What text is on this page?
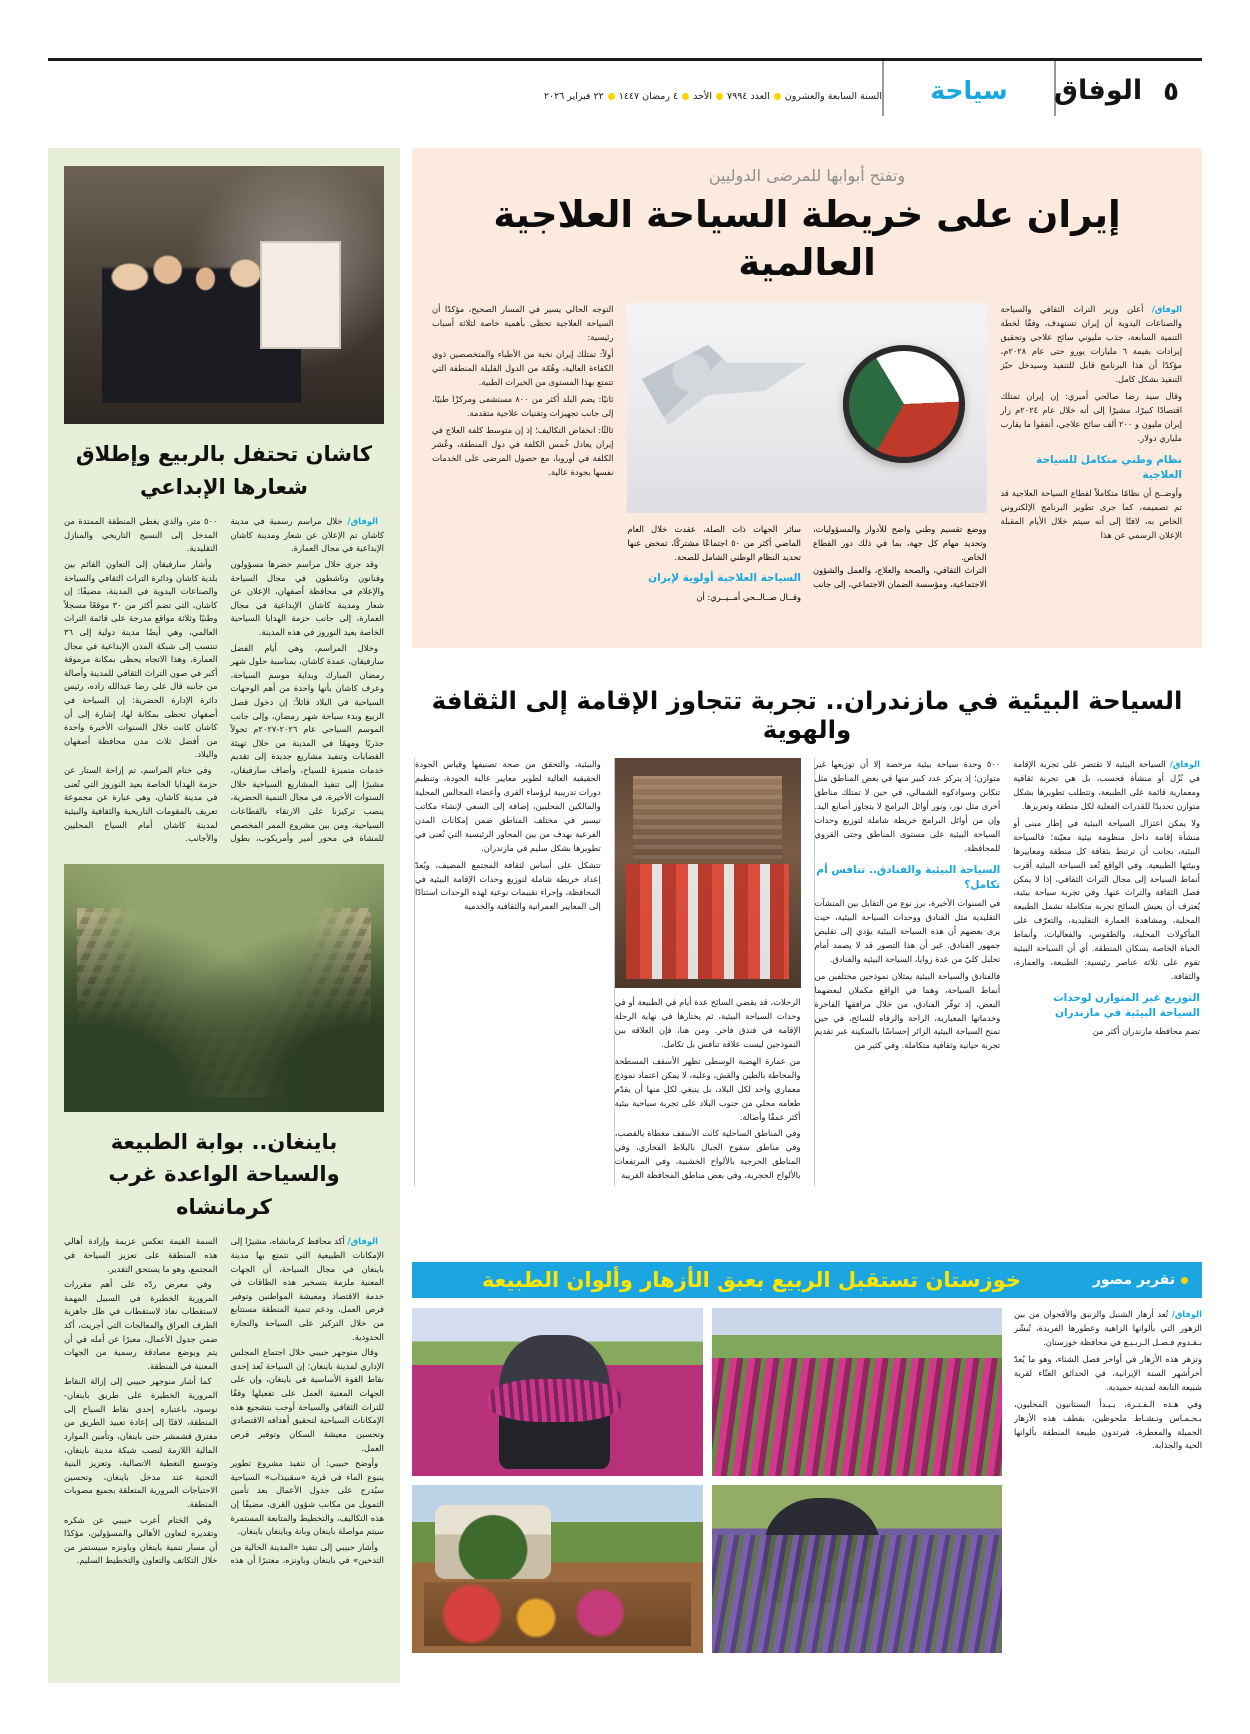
٥
الوفاق
سياحة
السنة السابعة والعشرون
العدد ٧٩٩٤
الأحد
٤ رمضان ١٤٤٧
٢٢ فبراير ٢٠٢٦
كاشان تحتفل بالربيع وإطلاق شعارها الإبداعي

الوفاق/ خلال مراسم رسمية في مدينة كاشان تم الإعلان عن شعار ومدينة كاشان الإبداعية في مجال العمارة.

وقد جرى خلال مراسم حضرها مسؤولون وفنانون وناشطون في مجال السياحة والإعلام في محافظة أصفهان، الإعلان عن شعار ومدينة كاشان الإبداعية في مجال العمارة، إلى جانب حزمة الهدايا السياحية الخاصة بعيد النوروز في هذه المدينة.

وخلال المراسم، وهي أيام الفضل سارفيقان، عمدة كاشان، بمناسبة حلول شهر رمضان المبارك وبداية موسم السياحة، وعرف كاشان بأنها واحدة من أهم الوجهات السياحية في البلاد قائلاً: إن دخول فصل الربيع وبدء سياحة شهر رمضان، وإلى جانب الموسم السياحي عام ٢٠٢٦-٢٠٢٧م تحولاً جذريًا ومهمًا في المدينة من خلال تهيئة القضايات وتنفيذ مشاريع جديدة إلى تقديم خدمات متميزة للسياح، وأضاف سارفيقان، مشيرًا إلى تنفيذ المشاريع السياحية خلال السنوات الأخيرة، في مجال التنمية الحضرية، ينصب تركيزنا على الارتقاء بالقطاعات السياحية، ومن بين مشروع الممر المخصص للمشاة في محور أمير وأمريكوب، بطول ٥٠٠ متر، والذي يغطي المنطقة الممتدة من المدخل إلى النسيج التاريخي والمنازل التقليدية.

وأشار سارفيقان إلى التعاون القائم بين بلدية كاشان ودائرة التراث الثقافي والسياحة والصناعات اليدوية في المدينة، مضيفًا: إن كاشان، التي تضم أكثر من ٣٠ موقعًا مسجلاً وطنيًا وثلاثة مواقع مدرجة على قائمة التراث العالمي، وهي أيضًا مدينة دولية إلى ٣٦ تنتسب إلى شبكة المدن الإبداعية في مجال العمارة. وهذا الاتجاه يحظى بمكانة مرموقة أكبر في صون التراث الثقافي للمدينة وأصالة من جانبه قال على رضا عبدالله زاده، رئيس دائرة الإدارة الحضرية: إن السياحة في أصفهان تحظى بمكانة لها، إشارة إلى أن كاشان كانت خلال السنوات الأخيرة واحدة من أفضل ثلاث مدن محافظة أصفهان والبلاد.

وفي ختام المراسم، تم إزاحة الستار عن حزمة الهدايا الخاصة بعيد النوروز التي تُعنى في مدينة كاشان، وهي عبارة عن مجموعة تعريف بالمقومات التاريخية والثقافية والبيئية لمدينة كاشان أمام السياح المحليين والأجانب.

باينغان.. بوابة الطبيعة والسياحة الواعدة غرب كرمانشاه

الوفاق/ أكد محافظ كرمانشاه، مشيرًا إلى الإمكانات الطبيعية التي تتمتع بها مدينة باينغان في مجال السياحة، أن الجهات المعنية ملزمة بتسخير هذه الطاقات في خدمة الاقتصاد ومعيشة المواطنين وتوفير فرص العمل، ودعم تنمية المنطقة مستتابع من خلال التركيز على السياحة والتجارة الحدودية.

وقال منوجهر حبيبي خلال اجتماع المجلس الإداري لمدينة باينغان: إن السياحة تُعد إحدى نقاط القوة الأساسية في باينغان، وإن على الجهات المعنية العمل على تفعيلها وفقًا للتراث الثقافي والسياحة أوجب بتشجيع هذه الإمكانات السياحية لتحقيق أهدافه الاقتصادي وتحسين معيشة السكان وتوفير فرص العمل.

وأوضح حبيبي: أن تنفيذ مشروع تطوير ينبوع الماء في قرية «سقبيذاب» السياحية سيُدرج على جدول الأعمال بعد تأمين التمويل من مكانب شؤون القرى، مضيفًا إن هذه التكاليف، والتخطيط والمتابعة المستمرة سيتم مواصلة باينغان وبانة وباينغان باينغان.

وأشار حبيبي إلى تنفيذ «المدينة الخالية من التدخين» في باينغان وباونزه، معتبرًا أن هذه السمة القيمة تعكس عزيمة وإرادة أهالي هذه المنطقة على تعزيز السياحة في المجتمع، وهو ما يستحق التقدير.

وفي معرض ردّه على أهم مقررات المرورية الخطيرة في السبيل المهمة لاستقطاب نفاذ لاستقطاب في ظل جاهزية الطرف العراق والمعالجات التي أجريت، أكد ضمن جدول الأعمال، معبرًا عن أمله في أن يتم وبوضع مصادقة رسمية من الجهات المعنية في المنطقة.

كما أشار منوجهر حبيبي إلى إزالة النقاط المرورية الخطيرة على طريق باينغان-نوسود، باعتباره إحدى نقاط السياح إلى المنطقة، لافتًا إلى إعادة تعبيد الطريق من مفترق قشمشر حتى باينغان، وتأمين الموارد المالية اللازمة لنصب شبكة مدينة باينغان، وتوسيع التغطية الاتصالية، وتعزيز البنية التحتية عند مدخل باينغان، وتحسين الاحتياجات المرورية المتعلقة بجميع مصوبات المنطقة.

وفي الختام أعرب حبيبي عن شكره وتقديره لتعاون الأهالي والمسؤولين، مؤكدًا أن مسار تنمية باينغان وباونزه سيستمر من خلال التكاتف والتعاون والتخطيط السليم.

وتفتح أبوابها للمرضى الدوليين
إيران على خريطة السياحة العلاجية العالمية

الوفاق/ أعلن وزير التراث الثقافي والسياحة والصناعات اليدوية أن إيران تستهدف، وفقًا لخطة التنمية السابعة، جذب مليوني سائح علاجي وتحقيق إيرادات بقيمة ٦ مليارات يورو حتى عام ٢٠٢٨م، مؤكدًا أن هذا البرنامج قابل للتنفيذ وسيدخل حيّز التنفيذ بشكل كامل.

وقال سيد رضا صالحي أميري: إن إيران تمتلك اقتصادًا كبيرًا، مشيرًا إلى أنه خلال عام ٢٠٢٤م زار إيران مليون و ٢٠٠ ألف سائح علاجي، أنفقوا ما يقارب ملياري دولار.

نظام وطني متكامل للسياحة العلاجية

وأوضــح أن نظامًا متكاملاً لقطاع السياحة العلاجية قد تم تصميمه، كما جرى تطوير البرنامج الإلكتروني الخاص به، لافتًا إلى أنه سيتم خلال الأيام المقبلة الإعلان الرسمي عن هذا

ووضع تقسيم وطني واضح للأدوار والمسؤوليات، وتحديد مهام كل جهة، بما في ذلك دور القطاع الخاص.

التراث الثقافي، والصحة والعلاج، والعمل والشؤون الاجتماعية، ومؤسسة الضمان الاجتماعي، إلى جانب سائر الجهات ذات الصلة، عقدت خلال العام الماضي أكثر من ٥٠ اجتماعًا مشتركًا، تمخض عنها تحديد النظام الوطني الشامل للصحة.

السياحة العلاجية أولوية لإيران

وقــال صــالــحي أمــيــري: أن

التوجه الحالي يسير في المسار الصحيح، مؤكدًا أن السياحة العلاجية تحظى بأهمية خاصة لثلاثة أسباب رئيسية:

أولاً: تمتلك إيران نخبة من الأطباء والمتخصصين ذوي الكفاءة العالية، وهُمّة من الدول القليلة المنطقة التي تتمتع بهذا المستوى من الخبرات الطبية.

ثانيًا: يضم البلد أكثر من ٨٠٠ مستشفى ومركزًا طبيًا، إلى جانب تجهيزات وتقنيات علاجية متقدمة.

ثالثًا: انخفاض التكاليف؛ إذ إن متوسط كلفة العلاج في إيران يعادل خُمس الكلفة في دول المنطقة، وعُشر الكلفة في أوروبا، مع حصول المرضى على الخدمات نفسها بجودة عالية.

السياحة البيئية في مازندران.. تجربة تتجاوز الإقامة إلى الثقافة والهوية

الوفاق/ السياحة البيئية لا تقتصر على تجربة الإقامة في نُزُل أو منشأة فحسب، بل هي تجربة ثقافية ومعمارية قائمة على الطبيعة، وتتطلب تطويرها بشكل متوازن تحديدًا للقدرات الفعلية لكل منطقة وتعزيزها.

ولا يمكن اعتزال السياحة البيئية في إطار مبنى أو منشأة إقامة داخل منظومة بيئية معيّنة؛ فالسياحة البيئية، بجانب أن ترتبط بثقافة كل منطقة ومعاييرها وبيئتها الطبيعية. وفي الواقع تُعد السياحة البيئية أقرب أنماط السياحة إلى مجال التراث الثقافي، إذا لا يمكن فصل الثقافة والتراث عنها. وفي تجربة سياحة بيئية، يُعترف أن يعيش السائح تجربة متكاملة تشمل الطبيعة المحلية، ومشاهدة العمارة التقليدية، والتعرّف على المأكولات المحلية، والطقوس، والفعاليات، وأنماط الحياة الخاصة بسكان المنطقة. أي أن السياحة البيئية تقوم على ثلاثة عناصر رئيسية: الطبيعة، والعمارة، والثقافة.

التوزيع غير المتوازن لوحدات السياحة البيئية في مازندران

تضم محافظة مازندران أكثر من

٥٠٠ وحدة سياحة بيئية مرخصة إلا أن توزيعها غير متوازن؛ إذ يتركز عدد كبير منها في بعض المناطق مثل تنكابن وسوادكوه الشمالي، في حين لا تمتلك مناطق أخرى مثل نور، ونور أوائل البرامج لا يتجاوز أصابع اليد. وإن من أوائل البرامج خريطة شاملة لتوزيع وحدات السياحة البيئية على مستوى المناطق وحتى القروي للمحافظة.

السياحة البيئية والفنادق.. تنافس أم تكامل؟

في السنوات الأخيرة، برز نوع من التقابل بين المنشآت التقليدية مثل الفنادق ووحدات السياحة البيئية، حيث يرى بعضهم أن هذه السياحة البيئية يؤدي إلى تقليص جمهور الفنادق. غير أن هذا التصور قد لا يصمد أمام تحليل كليّ من عدة زوايا، السياحة البيئية والفنادق.

فالفنادق والسياحة البيئية يمثلان نموذجين مختلفين من أنماط السياحة، وهما في الواقع مكملان لبعضهما البعض، إذ توفّر الفنادق، من خلال مرافقها الفاخرة وخدماتها المعيارية، الراحة والرفاه للسائح، في حين تمنح السياحة البيئية الزائر إحساسًا بالسكينة عبر تقديم تجربة حياتية وثقافية متكاملة. وفي كثير من

الرحلات، قد يقضي السائح عدة أيام في الطبيعة أو في وحدات السياحة البيئية، ثم يختارها في نهاية الرحلة الإقامة في فندق فاخر. ومن هنا، فإن العلاقة بين النموذجين ليست علاقة تنافس بل تكامل.

من عمارة الهضبة الوسطى تظهر الأسقف المسطحة والمحاطة بالطين والقش، وعليه، لا يمكن اعتماد نموذج معماري واحد لكل البلاد، بل ينبغي لكل منها أن يقدّم طعامه محلي من جنوب البلاد على تجربة سياحية بيئية أكثر عمقًا وأصالة.

وفي المناطق الساحلية كانت الأسقف مغطاة بالقصب، وفي مناطق سفوح الجبال بالبلاط الفخاري، وفي المناطق الحرجية بالألواح الخشبية، وفي المرتفعات بالألواح الحجرية، وفي بعض مناطق المحافظة القريبة

والبيئية، والتحقق من صحة تصنيفها وقياس الجودة الحقيقية العالية لطوير معايير عالية الجودة، وتنظيم دورات تدريبية لرؤساء القرى وأعضاء المجالس المحلية والمالكين المحليين، إضافة إلى السعي لإنشاء مكاتب تيسير في مختلف المناطق ضمن إمكانات المدن الفرعية بهدف من بين المحاور الرئيسية التي تُعنى في تطويرها بشكل سليم في مازندران.

تتشكل على أساس لثقافة المجتمع المضيف، ويُعدّ إعداد خريطة شاملة لتوزيع وحدات الإقامة البيئية في المحافظة، وإجراء تقييمات نوعية لهذه الوحدات استنادًا إلى المعايير العمرانية والثقافية والخدمية

تقرير مصور
خوزستان تستقبل الربيع بعبق الأزهار وألوان الطبيعة

الوفاق/ تُعد أزهار الشنبل والزنبق والأقحوان من بين الزهور التي بألوانها الزاهية وعطورها الفريدة، تُبشّر بـقـدوم فـصـل الـربـيـع في محافظة خوزستان.

وتزهر هذه الأزهار في أواخر فصل الشتاء، وهو ما يُعدّ أخرأشهر السنة الإيرانية، في الحدائق الغنّاء لقرية شبيعة التابعة لمدينة حميدية.

وفي هـذه الـفـتـرة، يـبـدأ البستانيون المحليون، بـحـمـاس ونـشـاط ملحوظين، بقطف هذه الأزهار الجميلة والمعطرة، فيرتدون طبيعة المنطقة بألوانها الحية والجذابة.
